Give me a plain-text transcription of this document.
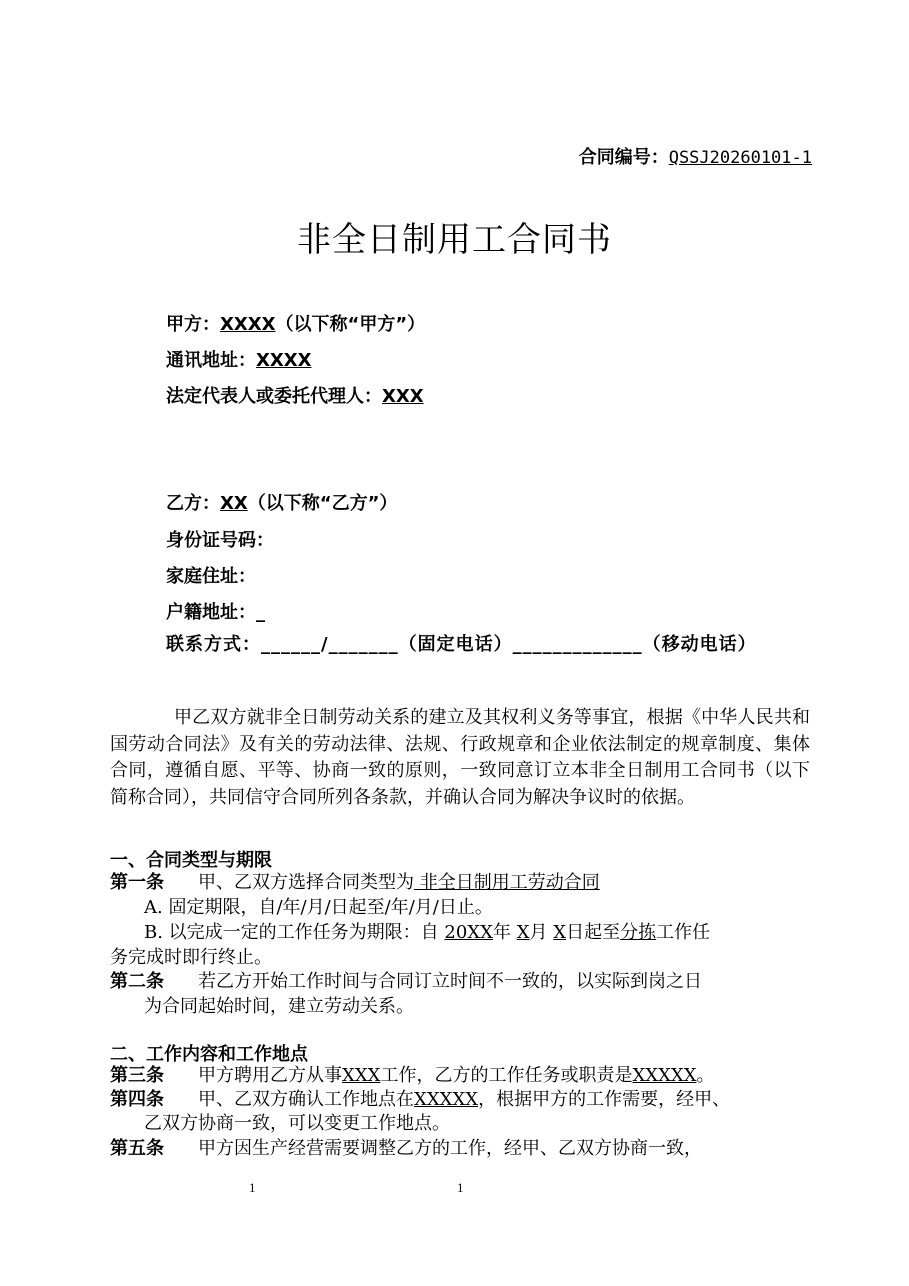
合同编号：QSSJ20260101-1
非全日制用工合同书
甲方：XXXX（以下称“甲方”）
通讯地址：XXXX
法定代表人或委托代理人：XXX
乙方：XX（以下称“乙方”）
身份证号码：
家庭住址：
户籍地址：_
联系方式：______/_______（固定电话）_____________（移动电话）
甲乙双方就非全日制劳动关系的建立及其权利义务等事宜，根据《中华人民共和国劳动合同法》及有关的劳动法律、法规、行政规章和企业依法制定的规章制度、集体合同，遵循自愿、平等、协商一致的原则，一致同意订立本非全日制用工合同书（以下简称合同），共同信守合同所列各条款，并确认合同为解决争议时的依据。
一、合同类型与期限
第一条 甲、乙双方选择合同类型为 非全日制用工劳动合同
A. 固定期限，自/年/月/日起至/年/月/日止。
B. 以完成一定的工作任务为期限：自 20XX年 X月 X日起至分拣工作任
务完成时即行终止。
第二条 若乙方开始工作时间与合同订立时间不一致的，以实际到岗之日
为合同起始时间，建立劳动关系。
二、工作内容和工作地点
第三条 甲方聘用乙方从事XXX工作，乙方的工作任务或职责是XXXXX。
第四条 甲、乙双方确认工作地点在XXXXX，根据甲方的工作需要，经甲、
乙双方协商一致，可以变更工作地点。
第五条 甲方因生产经营需要调整乙方的工作，经甲、乙双方协商一致，
1	1
